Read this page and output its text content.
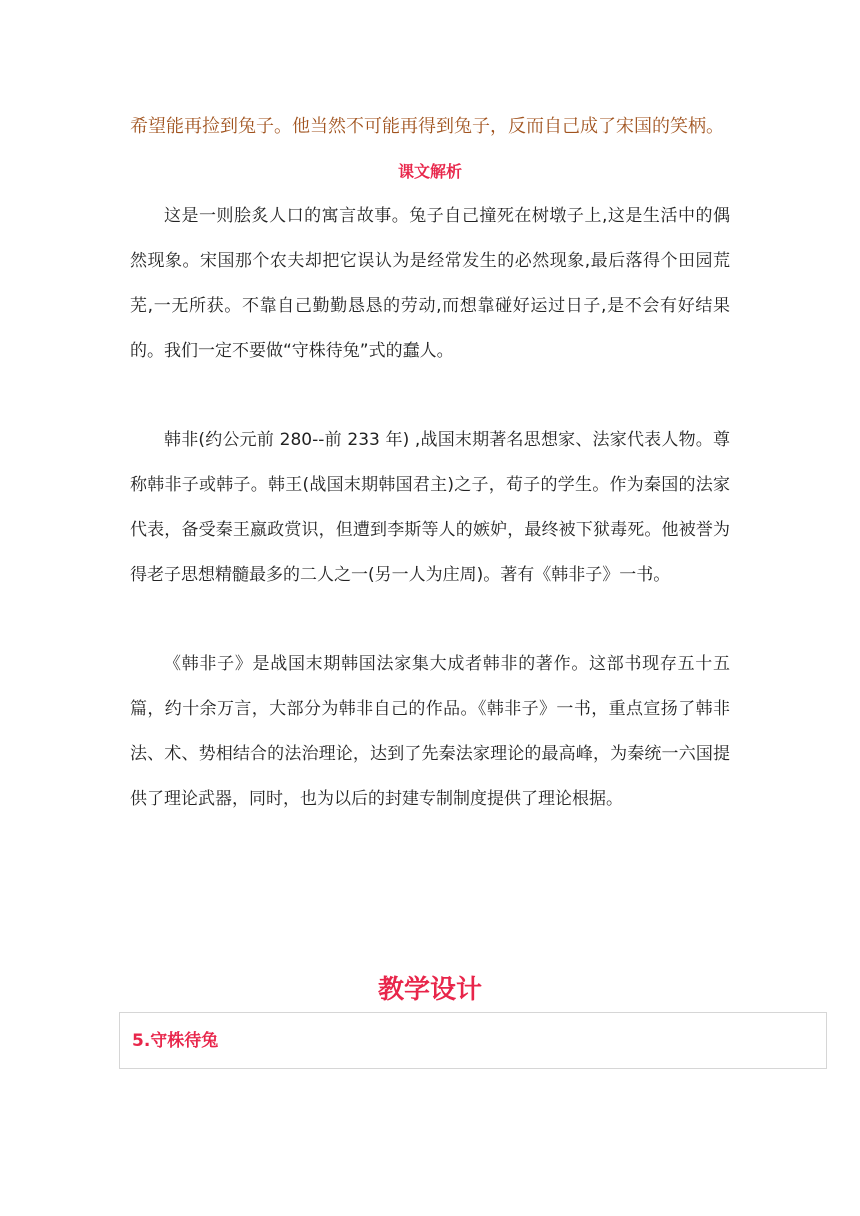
希望能再捡到兔子。他当然不可能再得到兔子，反而自己成了宋国的笑柄。

课文解析

这是一则脍炙人口的寓言故事。兔子自己撞死在树墩子上,这是生活中的偶然现象。宋国那个农夫却把它误认为是经常发生的必然现象,最后落得个田园荒芜,一无所获。不靠自己勤勤恳恳的劳动,而想靠碰好运过日子,是不会有好结果的。我们一定不要做“守株待兔”式的蠢人。

韩非(约公元前 280--前 233 年) ,战国末期著名思想家、法家代表人物。尊称韩非子或韩子。韩王(战国末期韩国君主)之子，荀子的学生。作为秦国的法家代表，备受秦王嬴政赏识，但遭到李斯等人的嫉妒，最终被下狱毒死。他被誉为得老子思想精髓最多的二人之一(另一人为庄周)。著有《韩非子》一书。

《韩非子》是战国末期韩国法家集大成者韩非的著作。这部书现存五十五篇，约十余万言，大部分为韩非自己的作品。《韩非子》一书，重点宣扬了韩非法、术、势相结合的法治理论，达到了先秦法家理论的最高峰，为秦统一六国提供了理论武器，同时，也为以后的封建专制制度提供了理论根据。

教学设计

5.守株待兔
